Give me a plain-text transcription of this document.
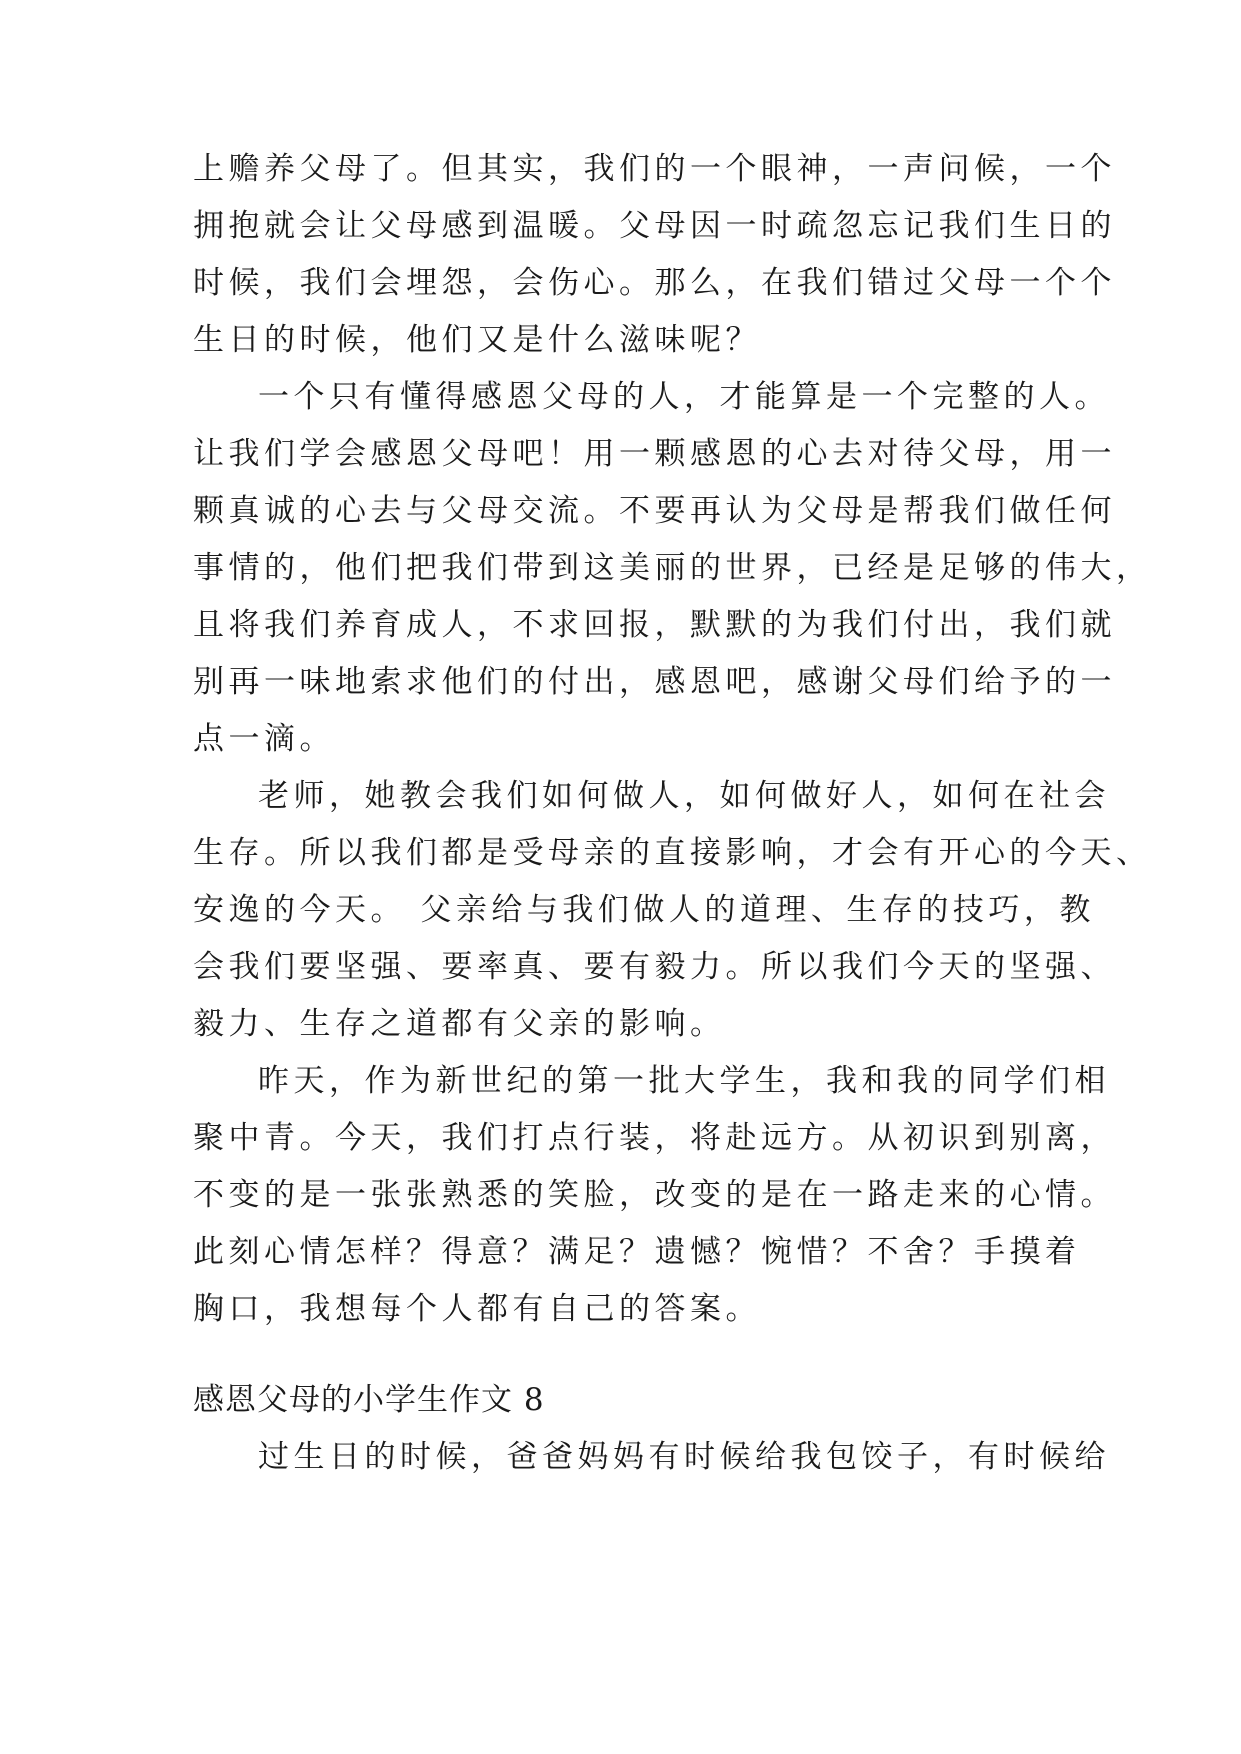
上赡养父母了。但其实，我们的一个眼神，一声问候，一个
拥抱就会让父母感到温暖。父母因一时疏忽忘记我们生日的
时候，我们会埋怨，会伤心。那么，在我们错过父母一个个
生日的时候，他们又是什么滋味呢？
一个只有懂得感恩父母的人，才能算是一个完整的人。
让我们学会感恩父母吧！用一颗感恩的心去对待父母，用一
颗真诚的心去与父母交流。不要再认为父母是帮我们做任何
事情的，他们把我们带到这美丽的世界，已经是足够的伟大，
且将我们养育成人，不求回报，默默的为我们付出，我们就
别再一味地索求他们的付出，感恩吧，感谢父母们给予的一
点一滴。
老师，她教会我们如何做人，如何做好人，如何在社会
生存。所以我们都是受母亲的直接影响，才会有开心的今天、
安逸的今天。 父亲给与我们做人的道理、生存的技巧，教
会我们要坚强、要率真、要有毅力。所以我们今天的坚强、
毅力、生存之道都有父亲的影响。
昨天，作为新世纪的第一批大学生，我和我的同学们相
聚中青。今天，我们打点行装，将赴远方。从初识到别离，
不变的是一张张熟悉的笑脸，改变的是在一路走来的心情。
此刻心情怎样？得意？满足？遗憾？惋惜？不舍？手摸着
胸口，我想每个人都有自己的答案。
感恩父母的小学生作文 8
过生日的时候，爸爸妈妈有时候给我包饺子，有时候给
